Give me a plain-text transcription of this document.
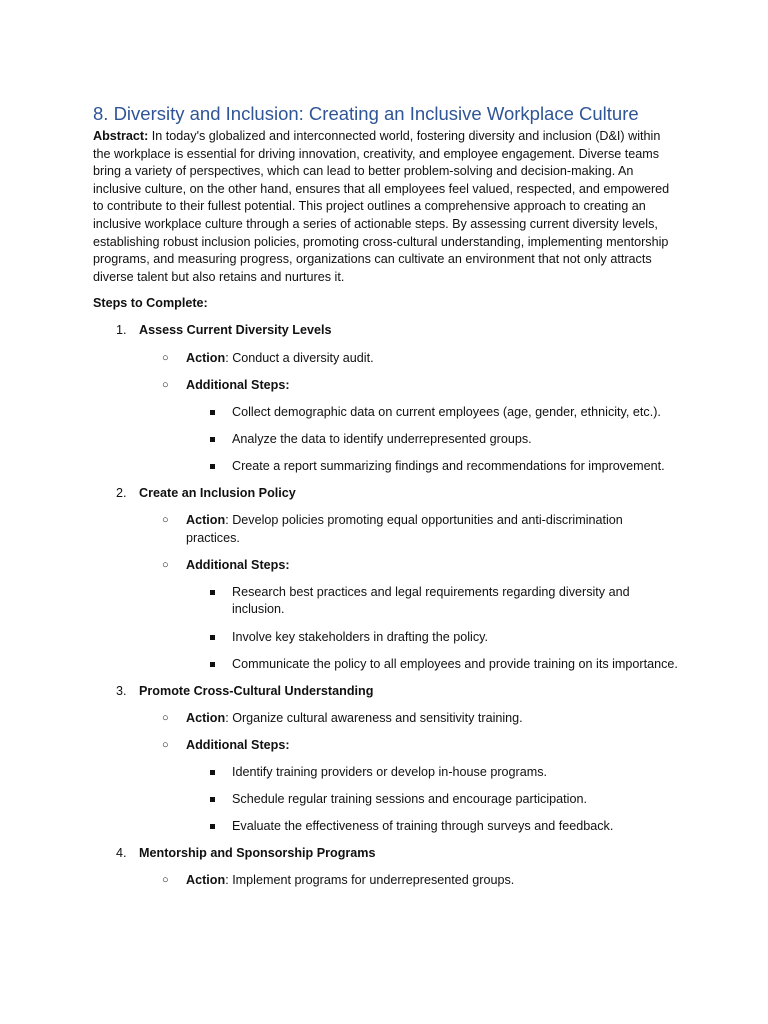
8. Diversity and Inclusion: Creating an Inclusive Workplace Culture

Abstract: In today's globalized and interconnected world, fostering diversity and inclusion (D&I) within the workplace is essential for driving innovation, creativity, and employee engagement. Diverse teams bring a variety of perspectives, which can lead to better problem-solving and decision-making. An inclusive culture, on the other hand, ensures that all employees feel valued, respected, and empowered to contribute to their fullest potential. This project outlines a comprehensive approach to creating an inclusive workplace culture through a series of actionable steps. By assessing current diversity levels, establishing robust inclusion policies, promoting cross-cultural understanding, implementing mentorship programs, and measuring progress, organizations can cultivate an environment that not only attracts diverse talent but also retains and nurtures it.

Steps to Complete:

1. Assess Current Diversity Levels
○ Action: Conduct a diversity audit.
○ Additional Steps:
Collect demographic data on current employees (age, gender, ethnicity, etc.).
Analyze the data to identify underrepresented groups.
Create a report summarizing findings and recommendations for improvement.
2. Create an Inclusion Policy
○ Action: Develop policies promoting equal opportunities and anti-discrimination practices.
○ Additional Steps:
Research best practices and legal requirements regarding diversity and inclusion.
Involve key stakeholders in drafting the policy.
Communicate the policy to all employees and provide training on its importance.
3. Promote Cross-Cultural Understanding
○ Action: Organize cultural awareness and sensitivity training.
○ Additional Steps:
Identify training providers or develop in-house programs.
Schedule regular training sessions and encourage participation.
Evaluate the effectiveness of training through surveys and feedback.
4. Mentorship and Sponsorship Programs
○ Action: Implement programs for underrepresented groups.
